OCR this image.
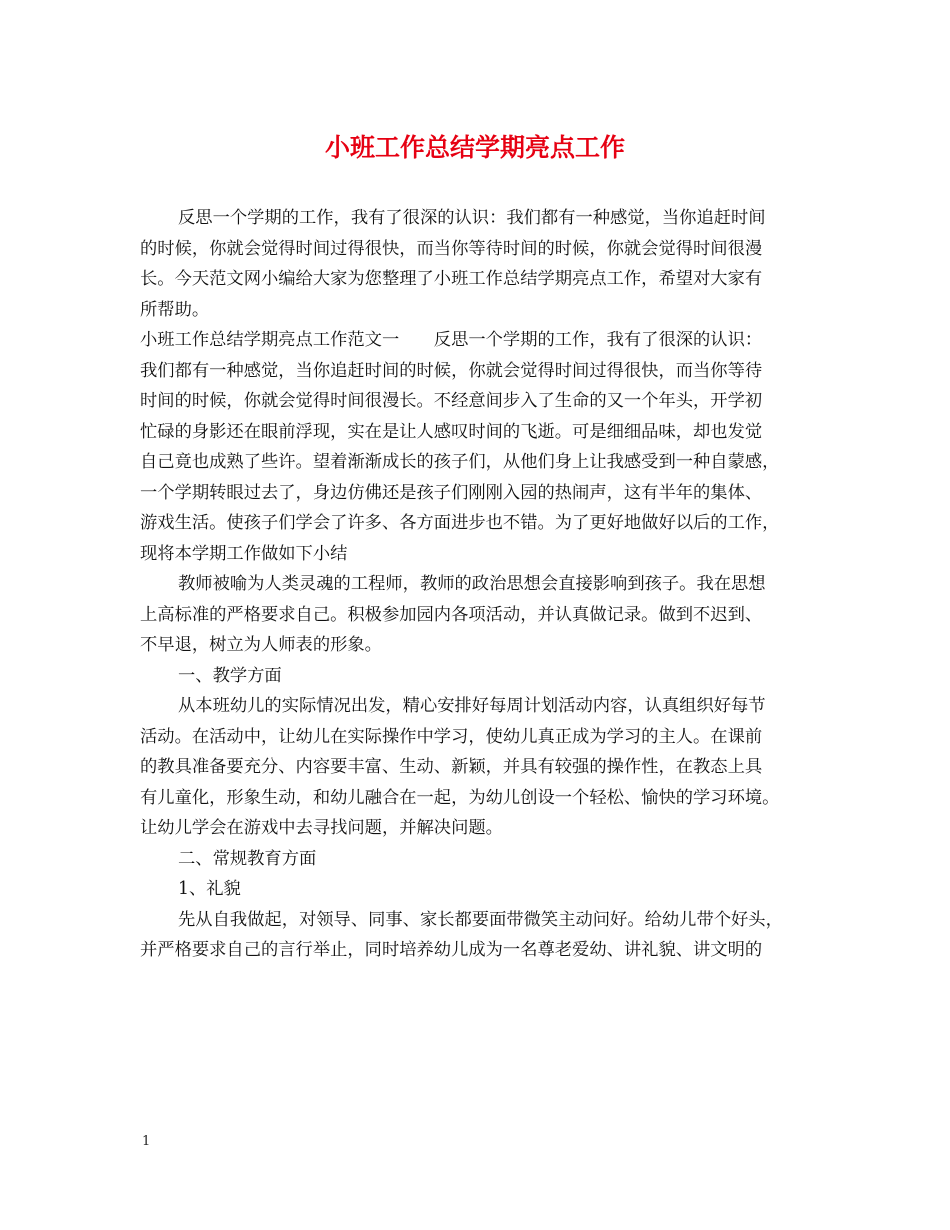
小班工作总结学期亮点工作

反思一个学期的工作，我有了很深的认识：我们都有一种感觉，当你追赶时间

的时候，你就会觉得时间过得很快，而当你等待时间的时候，你就会觉得时间很漫

长。今天范文网小编给大家为您整理了小班工作总结学期亮点工作，希望对大家有

所帮助。

小班工作总结学期亮点工作范文一　　反思一个学期的工作，我有了很深的认识：

我们都有一种感觉，当你追赶时间的时候，你就会觉得时间过得很快，而当你等待

时间的时候，你就会觉得时间很漫长。不经意间步入了生命的又一个年头，开学初

忙碌的身影还在眼前浮现，实在是让人感叹时间的飞逝。可是细细品味，却也发觉

自己竟也成熟了些许。望着渐渐成长的孩子们，从他们身上让我感受到一种自蒙感，

一个学期转眼过去了，身边仿佛还是孩子们刚刚入园的热闹声，这有半年的集体、

游戏生活。使孩子们学会了许多、各方面进步也不错。为了更好地做好以后的工作，

现将本学期工作做如下小结

教师被喻为人类灵魂的工程师，教师的政治思想会直接影响到孩子。我在思想

上高标准的严格要求自己。积极参加园内各项活动，并认真做记录。做到不迟到、

不早退，树立为人师表的形象。

一、教学方面

从本班幼儿的实际情况出发，精心安排好每周计划活动内容，认真组织好每节

活动。在活动中，让幼儿在实际操作中学习，使幼儿真正成为学习的主人。在课前

的教具准备要充分、内容要丰富、生动、新颖，并具有较强的操作性，在教态上具

有儿童化，形象生动，和幼儿融合在一起，为幼儿创设一个轻松、愉快的学习环境。

让幼儿学会在游戏中去寻找问题，并解决问题。

二、常规教育方面

1、礼貌

先从自我做起，对领导、同事、家长都要面带微笑主动问好。给幼儿带个好头，

并严格要求自己的言行举止，同时培养幼儿成为一名尊老爱幼、讲礼貌、讲文明的

1
